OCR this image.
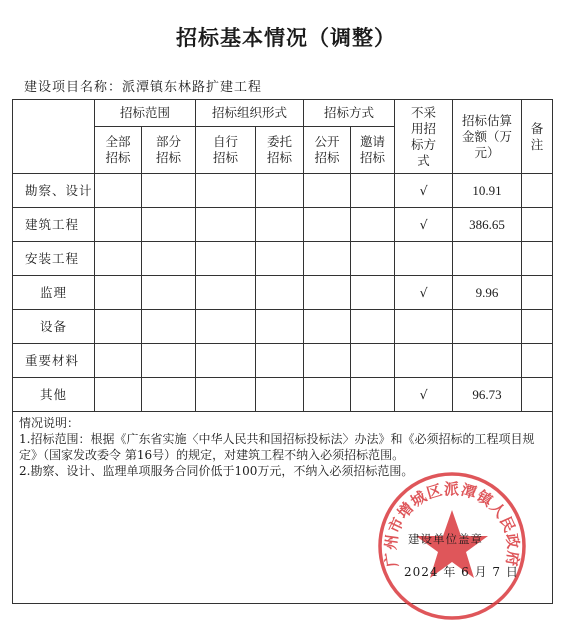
招标基本情况（调整）
建设项目名称：派潭镇东林路扩建工程
	招标范围		招标组织形式		招标方式		不采用招标方式	招标估算金额（万元）	备注
	全部招标	部分招标	自行招标	委托招标	公开招标	邀请招标			
勘察、设计							√	10.91	
建筑工程							√	386.65	
安装工程									
监理							√	9.96	
设备									
重要材料									
其他							√	96.73	

情况说明：
1.招标范围：根据《广东省实施〈中华人民共和国招标投标法〉办法》和《必须招标的工程项目规
定》（国家发改委令 第16号）的规定，对建筑工程不纳入必须招标范围。
2.勘察、设计、监理单项服务合同价低于100万元，不纳入必须招标范围。									
广州市增城区派潭镇人民政府
建设单位盖章
2024 年 6 月 7 日
